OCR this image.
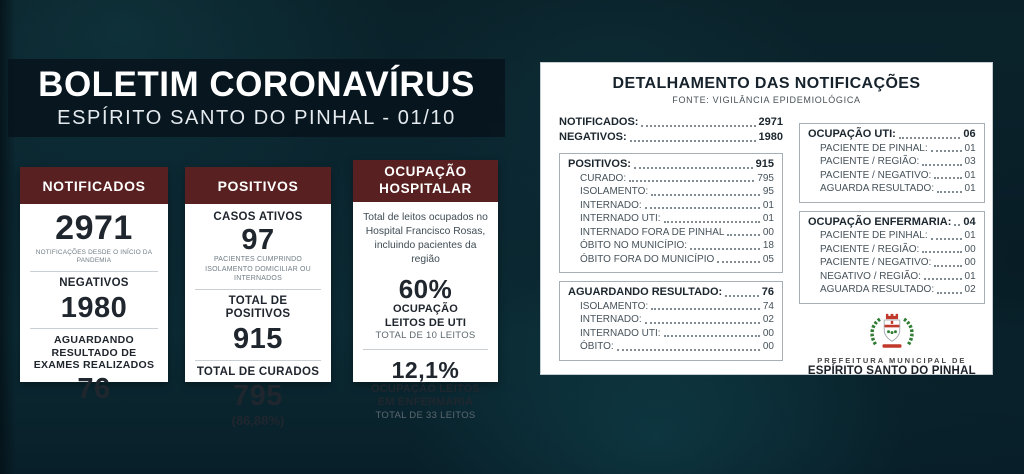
BOLETIM CORONAVÍRUS
ESPÍRITO SANTO DO PINHAL - 01/10
NOTIFICADOS
2971
NOTIFICAÇÕES DESDE O INÍCIO DA PANDEMIA
NEGATIVOS
1980
AGUARDANDO RESULTADO DE EXAMES REALIZADOS
76
POSITIVOS
CASOS ATIVOS
97
PACIENTES CUMPRINDO ISOLAMENTO DOMICILIAR OU INTERNADOS
TOTAL DE POSITIVOS
915
TOTAL DE CURADOS
795
(86,88%)
OCUPAÇÃO HOSPITALAR
Total de leitos ocupados no Hospital Francisco Rosas, incluindo pacientes da região
60%
OCUPAÇÃO
LEITOS DE UTI
TOTAL DE 10 LEITOS
12,1%
OCUPAÇÃO LEITOS
EM ENFERMARIA
TOTAL DE 33 LEITOS
DETALHAMENTO DAS NOTIFICAÇÕES
FONTE: VIGILÂNCIA EPIDEMIOLÓGICA
NOTIFICADOS:	2971
NEGATIVOS:	1980
POSITIVOS:	915
CURADO:	795
ISOLAMENTO:	95
INTERNADO:	01
INTERNADO UTI:	01
INTERNADO FORA DE PINHAL	00
ÓBITO NO MUNICÍPIO:	18
ÓBITO FORA DO MUNICÍPIO	05
AGUARDANDO RESULTADO:	76
ISOLAMENTO:	74
INTERNADO:	02
INTERNADO UTI:	00
ÓBITO:	00
OCUPAÇÃO UTI:	06
PACIENTE DE PINHAL:	01
PACIENTE / REGIÃO:	03
PACIENTE / NEGATIVO:	01
AGUARDA RESULTADO:	01
OCUPAÇÃO ENFERMARIA: 04
PACIENTE DE PINHAL:	01
PACIENTE / REGIÃO:	00
PACIENTE / NEGATIVO:	00
NEGATIVO / REGIÃO:	01
AGUARDA RESULTADO:	02
PREFEITURA MUNICIPAL DE
ESPÍRITO SANTO DO PINHAL
